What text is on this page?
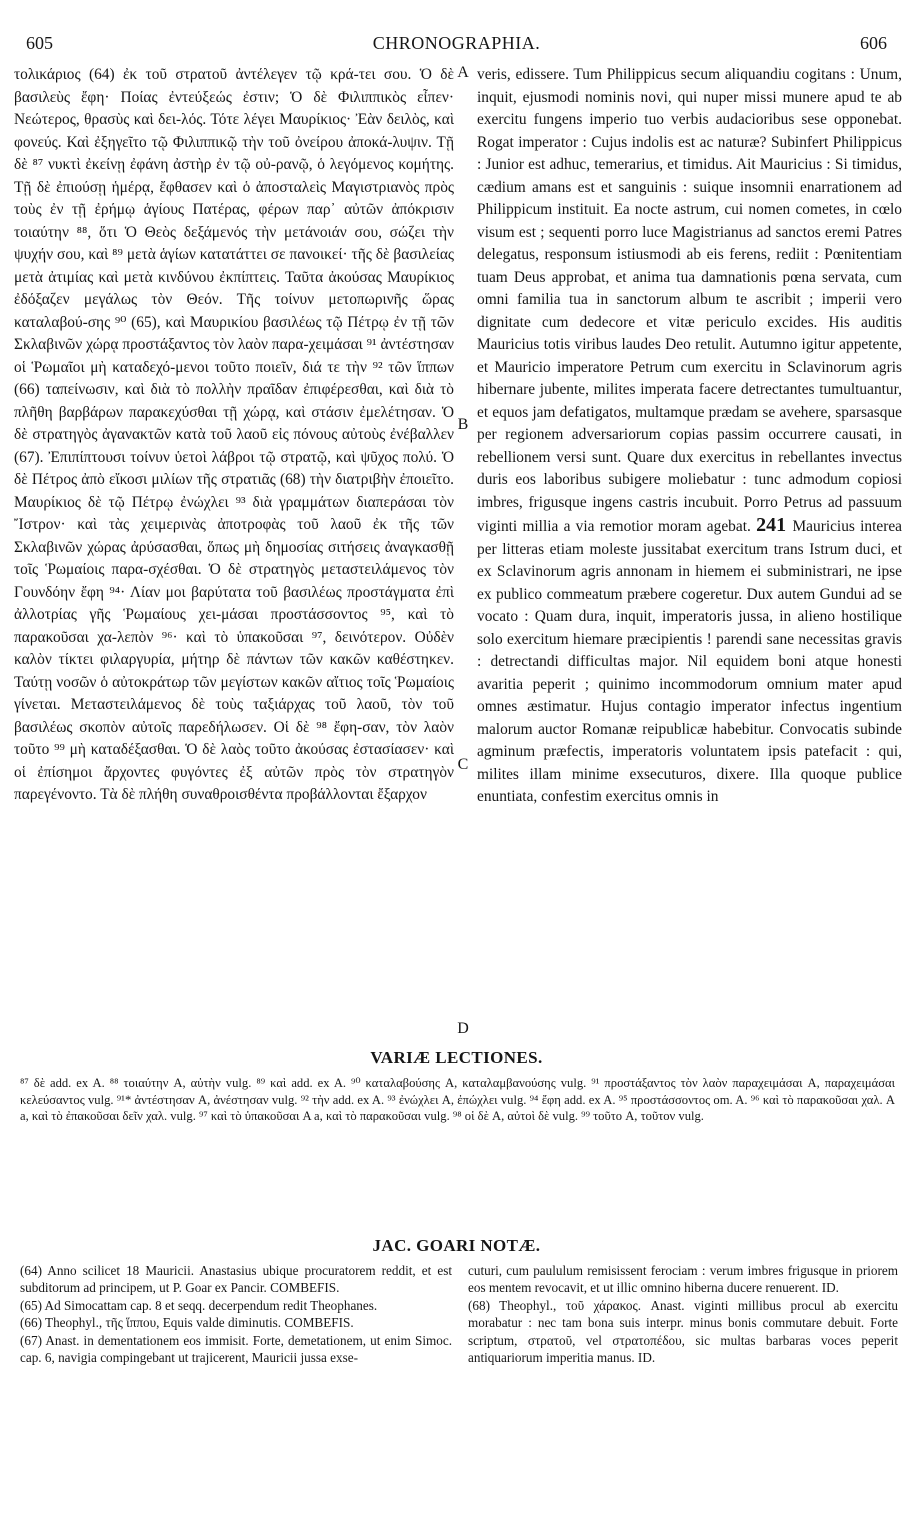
605	CHRONOGRAPHIA.	606

τολικάριος (64) ἐκ τοῦ στρατοῦ ἀντέλεγεν τῷ κρά-τει σου. Ὁ δὲ βασιλεὺς ἔφη· Ποίας ἐντεύξεώς ἐστιν; Ὁ δὲ Φιλιππικὸς εἶπεν· Νεώτερος, θρασὺς καὶ δει-λός. Τότε λέγει Μαυρίκιος· Ἐὰν δειλὸς, καὶ φονεύς. Καὶ ἐξηγεῖτο τῷ Φιλιππικῷ τὴν τοῦ ὀνείρου ἀποκά-λυψιν. Τῇ δὲ ⁸⁷ νυκτὶ ἐκείνῃ ἐφάνη ἀστὴρ ἐν τῷ οὐ-ρανῷ, ὁ λεγόμενος κομήτης. Τῇ δὲ ἐπιούσῃ ἡμέρᾳ, ἔφθασεν καὶ ὁ ἀποσταλεὶς Μαγιστριανὸς πρὸς τοὺς ἐν τῇ ἐρήμῳ ἁγίους Πατέρας, φέρων παρ᾽ αὐτῶν ἀπόκρισιν τοιαύτην ⁸⁸, ὅτι Ὁ Θεὸς δεξάμενός τὴν μετάνοιάν σου, σώζει τὴν ψυχήν σου, καὶ ⁸⁹ μετὰ ἁγίων κατατάττει σε πανοικεί· τῆς δὲ βασιλείας μετὰ ἀτιμίας καὶ μετὰ κινδύνου ἐκπίπτεις. Ταῦτα ἀκούσας Μαυρίκιος ἐδόξαζεν μεγάλως τὸν Θεόν. Τῆς τοίνυν μετοπωρινῆς ὥρας καταλαβού-σης ⁹⁰ (65), καὶ Μαυρικίου βασιλέως τῷ Πέτρῳ ἐν τῇ τῶν Σκλαβινῶν χώρᾳ προστάξαντος τὸν λαὸν παρα-χειμάσαι ⁹¹ ἀντέστησαν οἱ Ῥωμαῖοι μὴ καταδεχό-μενοι τοῦτο ποιεῖν, διά τε τὴν ⁹² τῶν ἵππων (66) ταπείνωσιν, καὶ διὰ τὸ πολλὴν πραῖδαν ἐπιφέρεσθαι, καὶ διὰ τὸ πλῆθη βαρβάρων παρακεχύσθαι τῇ χώρᾳ, καὶ στάσιν ἐμελέτησαν. Ὁ δὲ στρατηγὸς ἀγανακτῶν κατὰ τοῦ λαοῦ εἰς πόνους αὐτοὺς ἐνέβαλλεν (67). Ἐπιπίπτουσι τοίνυν ὑετοὶ λάβροι τῷ στρατῷ, καὶ ψῦχος πολύ. Ὁ δὲ Πέτρος ἀπὸ εἴκοσι μιλίων τῆς στρατιᾶς (68) τὴν διατριβὴν ἐποιεῖτο. Μαυρίκιος δὲ τῷ Πέτρῳ ἐνώχλει ⁹³ διὰ γραμμάτων διαπεράσαι τὸν Ἴστρον· καὶ τὰς χειμερινὰς ἀποτροφὰς τοῦ λαοῦ ἐκ τῆς τῶν Σκλαβινῶν χώρας ἀρύσασθαι, ὅπως μὴ δημοσίας σιτήσεις ἀναγκασθῇ τοῖς Ῥωμαίοις παρα-σχέσθαι. Ὁ δὲ στρατηγὸς μεταστειλάμενος τὸν Γουνδόην ἔφη ⁹⁴· Λίαν μοι βαρύτατα τοῦ βασιλέως προστάγματα ἐπὶ ἀλλοτρίας γῆς Ῥωμαίους χει-μάσαι προστάσσοντος ⁹⁵, καὶ τὸ παρακοῦσαι χα-λεπὸν ⁹⁶· καὶ τὸ ὑπακοῦσαι ⁹⁷, δεινότερον. Οὐδὲν καλὸν τίκτει φιλαργυρία, μήτηρ δὲ πάντων τῶν κακῶν καθέστηκεν. Ταύτῃ νοσῶν ὁ αὐτοκράτωρ τῶν μεγίστων κακῶν αἴτιος τοῖς Ῥωμαίοις γίνεται. Μεταστειλάμενος δὲ τοὺς ταξιάρχας τοῦ λαοῦ, τὸν τοῦ βασιλέως σκοπὸν αὐτοῖς παρεδήλωσεν. Οἱ δὲ ⁹⁸ ἔφη-σαν, τὸν λαὸν τοῦτο ⁹⁹ μὴ καταδέξασθαι. Ὁ δὲ λαὸς τοῦτο ἀκούσας ἐστασίασεν· καὶ οἱ ἐπίσημοι ἄρχοντες φυγόντες ἐξ αὐτῶν πρὸς τὸν στρατηγὸν παρεγένοντο. Τὰ δὲ πλήθη συναθροισθέντα προβάλλονται ἔξαρχον

A
B
C
D

veris, edissere. Tum Philippicus secum aliquandiu cogitans : Unum, inquit, ejusmodi nominis novi, qui nuper missi munere apud te ab exercitu fungens imperio tuo verbis audacioribus sese opponebat. Rogat imperator : Cujus indolis est ac naturæ? Subinfert Philippicus : Junior est adhuc, temerarius, et timidus. Ait Mauricius : Si timidus, cædium amans est et sanguinis : suique insomnii enarrationem ad Philippicum instituit. Ea nocte astrum, cui nomen cometes, in cœlo visum est ; sequenti porro luce Magistrianus ad sanctos eremi Patres delegatus, responsum istiusmodi ab eis ferens, rediit : Pœnitentiam tuam Deus approbat, et anima tua damnationis pœna servata, cum omni familia tua in sanctorum album te ascribit ; imperii vero dignitate cum dedecore et vitæ periculo excides. His auditis Mauricius totis viribus laudes Deo retulit. Autumno igitur appetente, et Mauricio imperatore Petrum cum exercitu in Sclavinorum agris hibernare jubente, milites imperata facere detrectantes tumultuantur, et equos jam defatigatos, multamque prædam se avehere, sparsasque per regionem adversariorum copias passim occurrere causati, in rebellionem versi sunt. Quare dux exercitus in rebellantes invectus duris eos laboribus subigere moliebatur : tunc admodum copiosi imbres, frigusque ingens castris incubuit. Porro Petrus ad passuum viginti millia a via remotior moram agebat. 241 Mauricius interea per litteras etiam moleste jussitabat exercitum trans Istrum duci, et ex Sclavinorum agris annonam in hiemem ei subministrari, ne ipse ex publico commeatum præbere cogeretur. Dux autem Gundui ad se vocato : Quam dura, inquit, imperatoris jussa, in alieno hostilique solo exercitum hiemare præcipientis ! parendi sane necessitas gravis : detrectandi difficultas major. Nil equidem boni atque honesti avaritia peperit ; quinimo incommodorum omnium mater apud omnes æstimatur. Hujus contagio imperator infectus ingentium malorum auctor Romanæ reipublicæ habebitur. Convocatis subinde agminum præfectis, imperatoris voluntatem ipsis patefacit : qui, milites illam minime exsecuturos, dixere. Illa quoque publice enuntiata, confestim exercitus omnis in

VARIÆ LECTIONES.
⁸⁷ δὲ add. ex A. ⁸⁸ τοιαύτην A, αὐτὴν vulg. ⁸⁹ καὶ add. ex A. ⁹⁰ καταλαβούσης A, καταλαμβανούσης vulg. ⁹¹ προστάξαντος τὸν λαὸν παραχειμάσαι A, παραχειμάσαι κελεύσαντος vulg. ⁹¹* ἀντέστησαν A, ἀνέστησαν vulg. ⁹² τὴν add. ex A. ⁹³ ἐνώχλει A, ἐπώχλει vulg. ⁹⁴ ἔφη add. ex A. ⁹⁵ προστάσσοντος om. A. ⁹⁶ καὶ τὸ παρακοῦσαι χαλ. A a, καὶ τὸ ἐπακοῦσαι δεῖν χαλ. vulg. ⁹⁷ καὶ τὸ ὑπακοῦσαι A a, καὶ τὸ παρακοῦσαι vulg. ⁹⁸ οἱ δὲ A, αὐτοὶ δὲ vulg. ⁹⁹ τοῦτο A, τοῦτον vulg.
JAC. GOARI NOTÆ.

(64) Anno scilicet 18 Mauricii. Anastasius ubique procuratorem reddit, et est subditorum ad principem, ut P. Goar ex Pancir. COMBEFIS.

(65) Ad Simocattam cap. 8 et seqq. decerpendum redit Theophanes.

(66) Theophyl., τῆς ἵππου, Equis valde diminutis. COMBEFIS.

(67) Anast. in dementationem eos immisit. Forte, demetationem, ut enim Simoc. cap. 6, navigia compingebant ut trajicerent, Mauricii jussa exse-

cuturi, cum paululum remisissent ferociam : verum imbres frigusque in priorem eos mentem revocavit, et ut illic omnino hiberna ducere renuerent. ID.

(68) Theophyl., τοῦ χάρακος. Anast. viginti millibus procul ab exercitu morabatur : nec tam bona suis interpr. minus bonis commutare debuit. Forte scriptum, στρατοῦ, vel στρατοπέδου, sic multas barbaras voces peperit antiquariorum imperitia manus. ID.
